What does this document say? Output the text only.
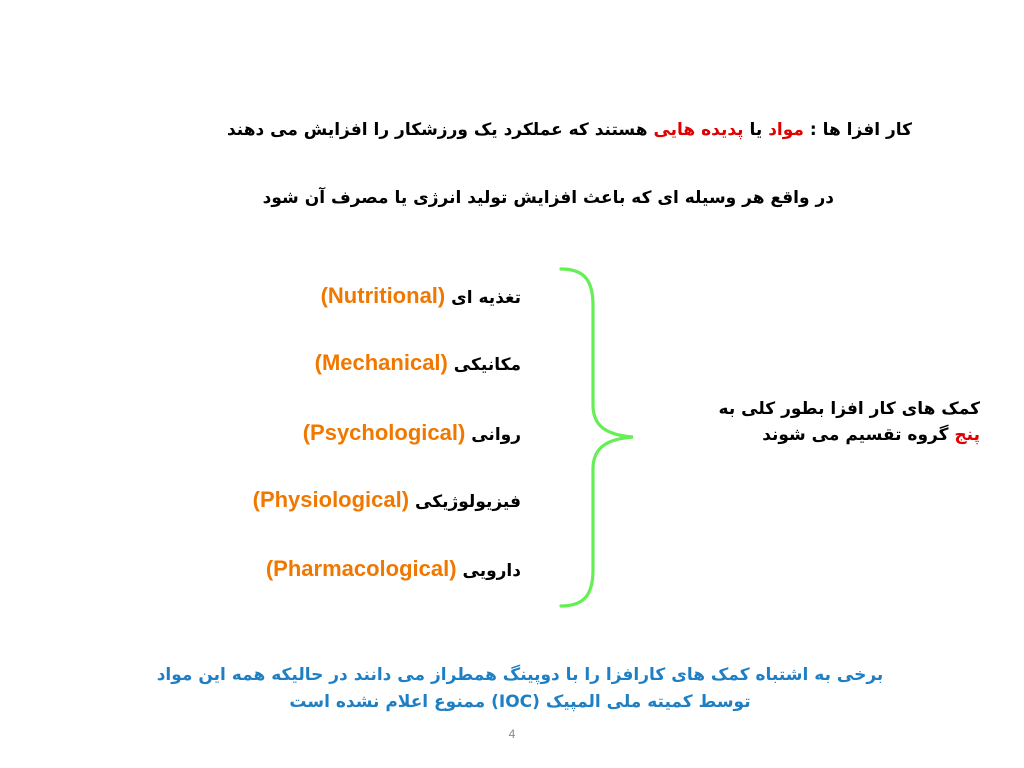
کار افزا ها : مواد یا پدیده هایی هستند که عملکرد یک ورزشکار را افزایش می دهند
در واقع هر وسیله ای که باعث افزایش تولید انرژی یا مصرف آن شود
تغذیه ای (Nutritional)
مکانیکی (Mechanical)
روانی (Psychological)
فیزیولوژیکی (Physiological)
دارویی (Pharmacological)
کمک های کار افزا بطور کلی به
پنج گروه تقسیم می شوند
برخی به اشتباه کمک های کارافزا را با دوپینگ همطراز می دانند در حالیکه همه این مواد
توسط کمیته ملی المپیک (IOC) ممنوع اعلام نشده است
4
